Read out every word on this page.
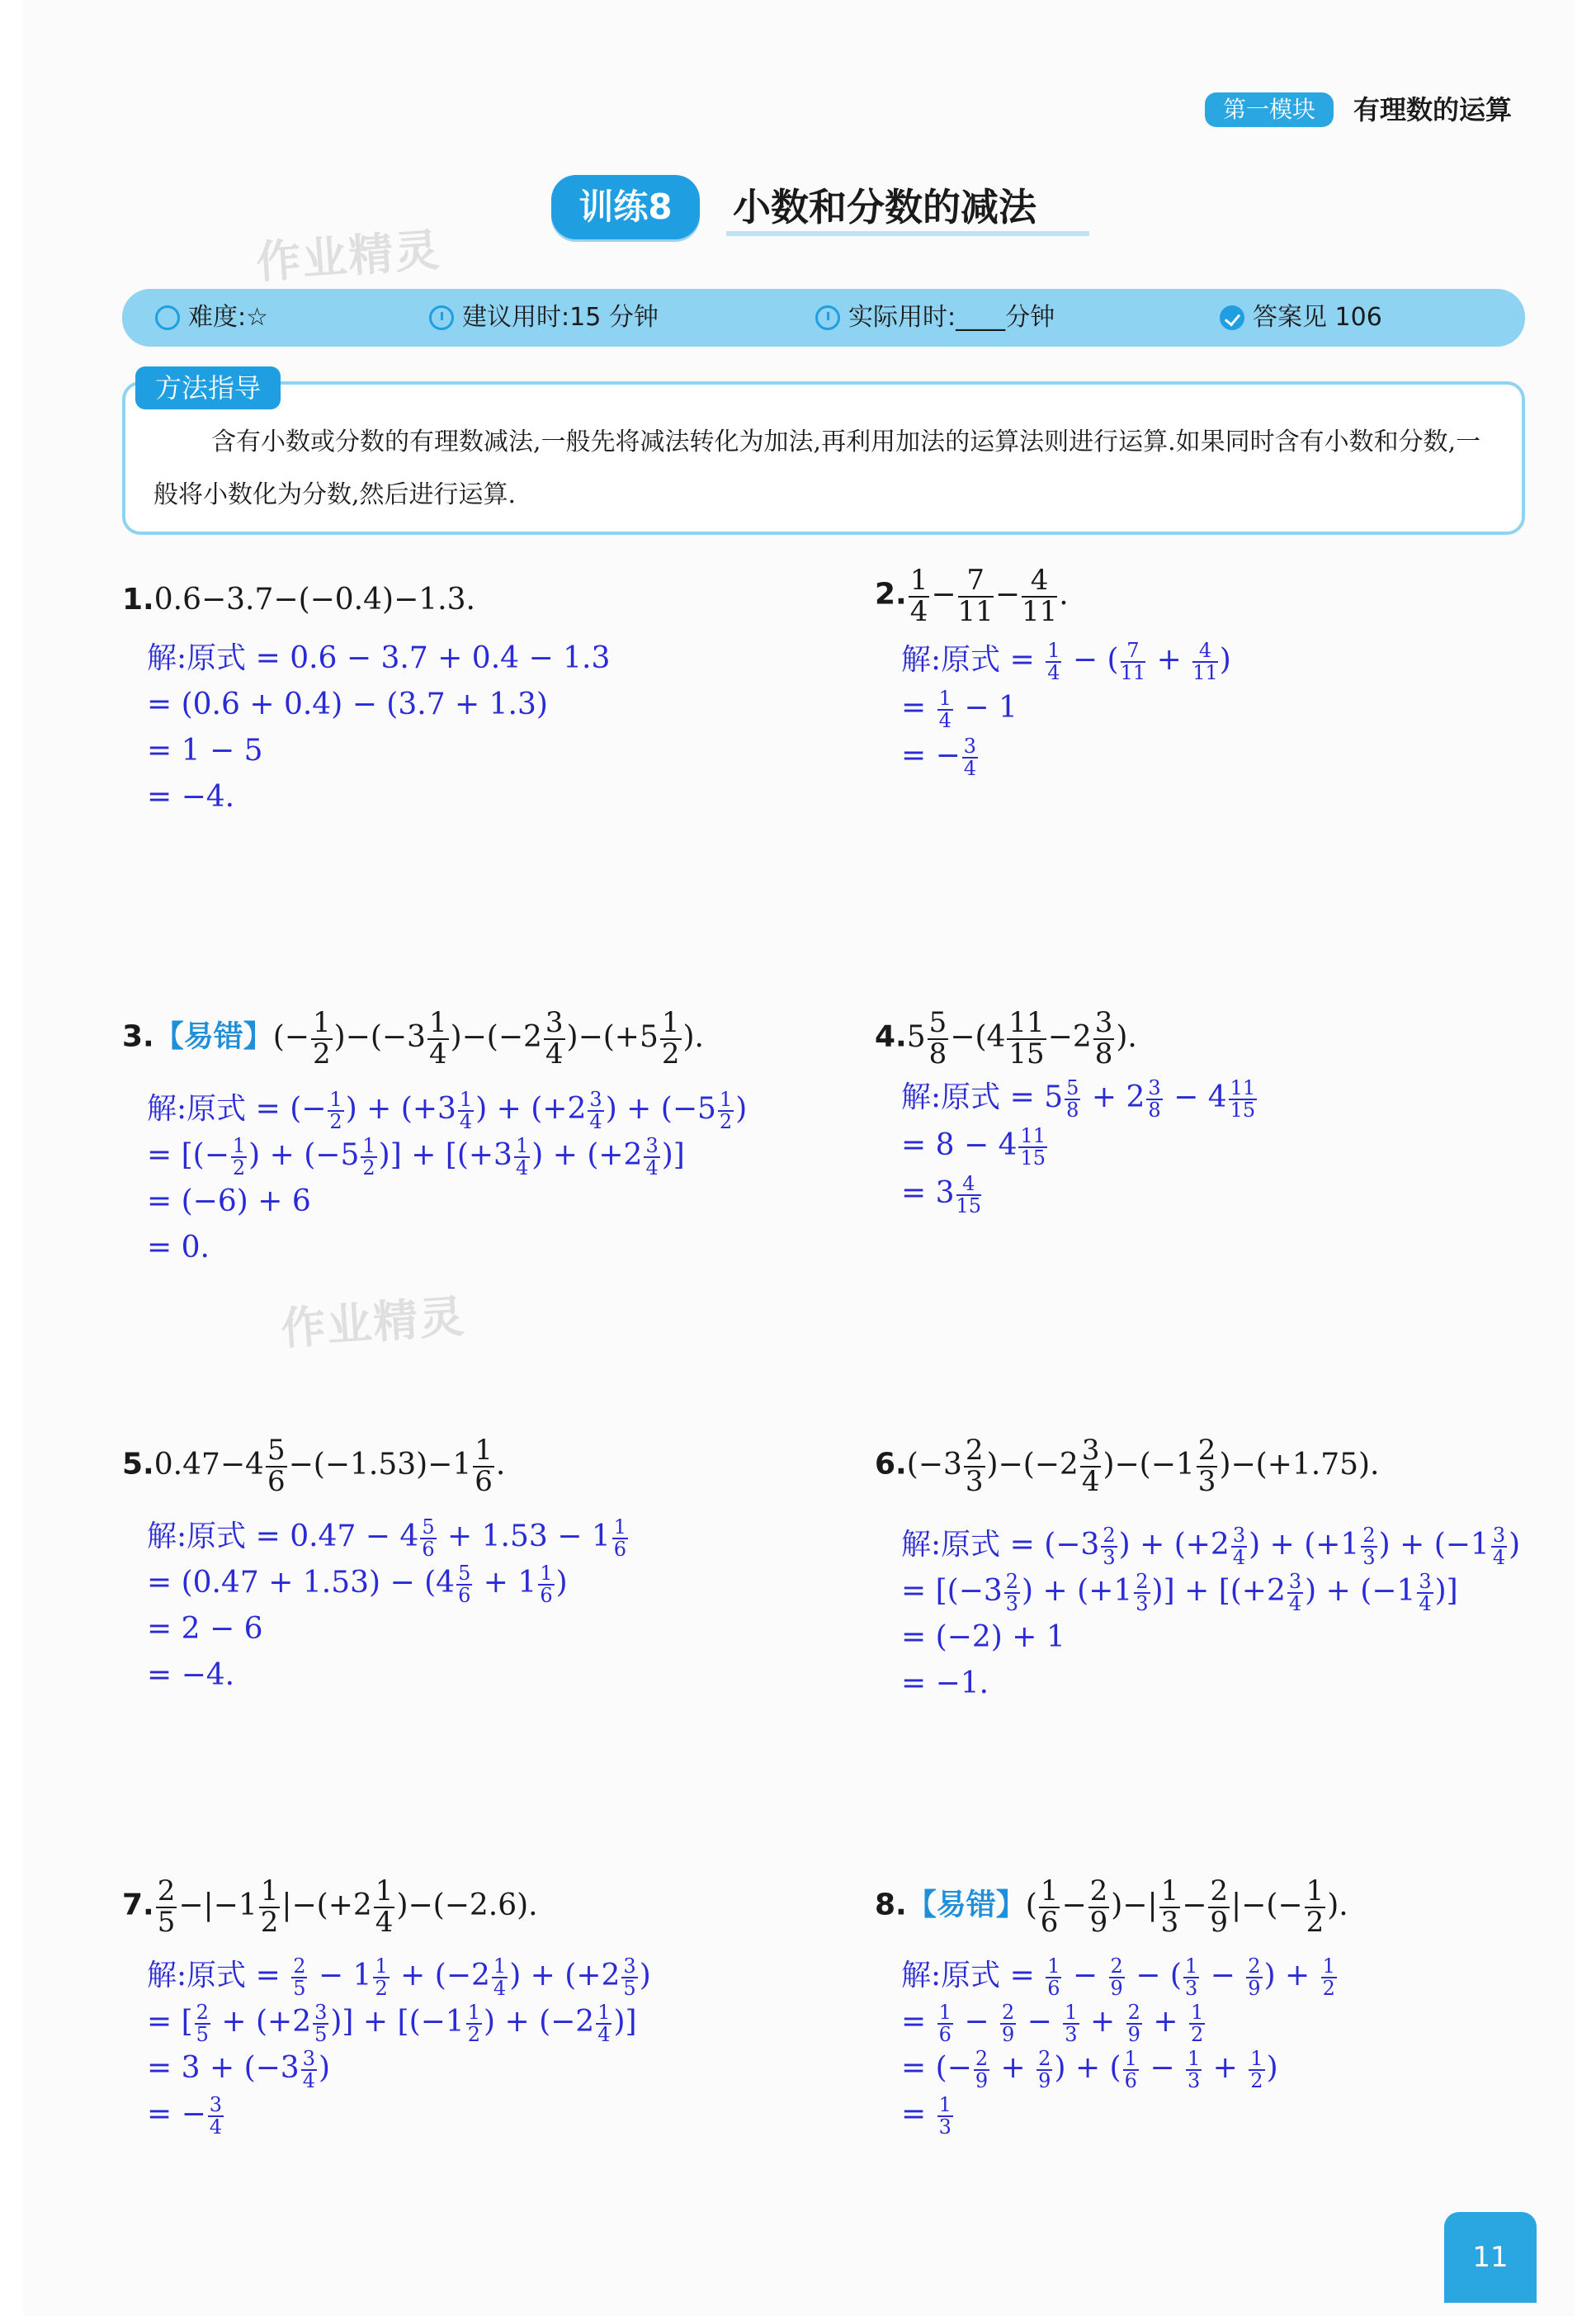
第一模块	有理数的运算
训练8	小数和分数的减法
作业精灵
作业精灵
难度:☆	建议用时:15 分钟	实际用时:____分钟	答案见 106
方法指导
含有小数或分数的有理数减法,一般先将减法转化为加法,再利用加法的运算法则进行运算.如果同时含有小数和分数,一般将小数化为分数,然后进行运算.
1.0.6−3.7−(−0.4)−1.3.
解:原式 = 0.6 − 3.7 + 0.4 − 1.3
= (0.6 + 0.4) − (3.7 + 1.3)
= 1 − 5
= −4.
2. $\frac{1}{4} - \frac{7}{11} - \frac{4}{11}$ .
解:原式 = $\frac{1}{4}$ − ( $\frac{7}{11} + \frac{4}{11}$ )
= $\frac{1}{4} - 1$
= − $\frac{3}{4}$
3.【易错】(− $\frac{1}{2} )-(-3 \frac{1}{4} )-(-2 \frac{3}{4} )-(+5 \frac{1}{2}$ ).
解:原式 = (− $\frac{1}{2}$ ) + ($+3 \frac{1}{4}$ ) + ($+2 \frac{3}{4}$ ) + ($-5 \frac{1}{2}$ )
= [(− $\frac{1}{2}$ ) + ($-5 \frac{1}{2}$ )] + [($+3 \frac{1}{4}$ ) + ($+2 \frac{3}{4}$ )]
= (−6) + 6
= 0.
$4.5 \frac{5}{8} -(4 \frac{11}{15} -2 \frac{3}{8}$ ).
解:原式 = $5 \frac{5}{8} + 2 \frac{3}{8} - 4 \frac{11}{15}$
= $8 - 4 \frac{11}{15}$
= $3 \frac{4}{15}$
$5.0.47-4 \frac{5}{6} -(-1.53)-1 \frac{1}{6}$ .
解:原式 = $0.47 - 4 \frac{5}{6} + 1.53 - 1 \frac{1}{6}$
= $(0.47 + 1.53) - (4 \frac{5}{6} + 1 \frac{1}{6}$ )
= 2 − 6
= −4.
$6.(-3 \frac{2}{3} )-(-2 \frac{3}{4} )-(-1 \frac{2}{3} )-(+1.75)$.
解:原式 = ($-3 \frac{2}{3}$ ) + ($+2 \frac{3}{4}$ ) + ($+1 \frac{2}{3}$ ) + ($-1 \frac{3}{4}$ )
= [($-3 \frac{2}{3}$ ) + ($+1 \frac{2}{3}$ )] + [($+2 \frac{3}{4}$ ) + ($-1 \frac{3}{4}$ )]
= (−2) + 1
= −1.
7. $\frac{2}{5} -|-1 \frac{1}{2} |-(+2 \frac{1}{4} )-(-2.6)$.
解:原式 = $\frac{2}{5} - 1 \frac{1}{2} + (-2 \frac{1}{4}$ ) + ($+2 \frac{3}{5}$ )
= [ $\frac{2}{5} + (+2 \frac{3}{5}$ )] + [($-1 \frac{1}{2}$ ) + ($-2 \frac{1}{4}$ )]
= $3 + (-3 \frac{3}{4}$ )
= − $\frac{3}{4}$
8.【易错】( $\frac{1}{6} - \frac{2}{9}$ )−| $\frac{1}{3} - \frac{2}{9}$ |−(− $\frac{1}{2}$ ).
解:原式 = $\frac{1}{6} - \frac{2}{9}$ − ( $\frac{1}{3} - \frac{2}{9}$ ) + $\frac{1}{2}$
= $\frac{1}{6} - \frac{2}{9} - \frac{1}{3} + \frac{2}{9} + \frac{1}{2}$
= (− $\frac{2}{9} + \frac{2}{9}$ ) + ( $\frac{1}{6} - \frac{1}{3} + \frac{1}{2}$ )
= $\frac{1}{3}$
11
